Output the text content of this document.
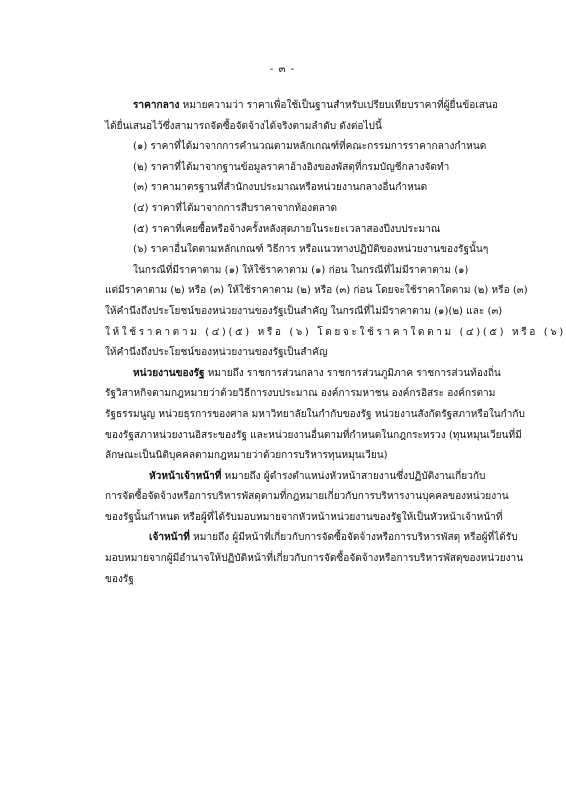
- ๓ -
ราคากลาง หมายความว่า ราคาเพื่อใช้เป็นฐานสำหรับเปรียบเทียบราคาที่ผู้ยื่นข้อเสนอ
ได้ยื่นเสนอไว้ซึ่งสามารถจัดซื้อจัดจ้างได้จริงตามลำดับ ดังต่อไปนี้
(๑) ราคาที่ได้มาจากการคำนวณตามหลักเกณฑ์ที่คณะกรรมการราคากลางกำหนด
(๒) ราคาที่ได้มาจากฐานข้อมูลราคาอ้างอิงของพัสดุที่กรมบัญชีกลางจัดทำ
(๓) ราคามาตรฐานที่สำนักงบประมาณหรือหน่วยงานกลางอื่นกำหนด
(๔) ราคาที่ได้มาจากการสืบราคาจากท้องตลาด
(๕) ราคาที่เคยซื้อหรือจ้างครั้งหลังสุดภายในระยะเวลาสองปีงบประมาณ
(๖) ราคาอื่นใดตามหลักเกณฑ์ วิธีการ หรือแนวทางปฏิบัติของหน่วยงานของรัฐนั้นๆ
ในกรณีที่มีราคาตาม (๑) ให้ใช้ราคาตาม (๑) ก่อน ในกรณีที่ไม่มีราคาตาม (๑)
แต่มีราคาตาม (๒) หรือ (๓) ให้ใช้ราคาตาม (๒) หรือ (๓) ก่อน โดยจะใช้ราคาใดตาม (๒) หรือ (๓)
ให้คำนึงถึงประโยชน์ของหน่วยงานของรัฐเป็นสำคัญ ในกรณีที่ไม่มีราคาตาม (๑)(๒) และ (๓)
ให้ใช้ราคาตาม (๔)(๕) หรือ (๖) โดยจะใช้ราคาใดตาม (๔)(๕) หรือ (๖)
ให้คำนึงถึงประโยชน์ของหน่วยงานของรัฐเป็นสำคัญ
หน่วยงานของรัฐ หมายถึง ราชการส่วนกลาง ราชการส่วนภูมิภาค ราชการส่วนท้องถิ่น
รัฐวิสาหกิจตามกฎหมายว่าด้วยวิธีการงบประมาณ องค์การมหาชน องค์กรอิสระ องค์กรตาม
รัฐธรรมนูญ หน่วยธุรการของศาล มหาวิทยาลัยในกำกับของรัฐ หน่วยงานสังกัดรัฐสภาหรือในกำกับ
ของรัฐสภาหน่วยงานอิสระของรัฐ และหน่วยงานอื่นตามที่กำหนดในกฎกระทรวง (ทุนหมุนเวียนที่มี
ลักษณะเป็นนิติบุคคลตามกฎหมายว่าด้วยการบริหารทุนหมุนเวียน)
หัวหน้าเจ้าหน้าที่ หมายถึง ผู้ดำรงตำแหน่งหัวหน้าสายงานซึ่งปฏิบัติงานเกี่ยวกับ
การจัดซื้อจัดจ้างหรือการบริหารพัสดุตามที่กฎหมายเกี่ยวกับการบริหารงานบุคคลของหน่วยงาน
ของรัฐนั้นกำหนด หรือผู้ที่ได้รับมอบหมายจากหัวหน้าหน่วยงานของรัฐให้เป็นหัวหน้าเจ้าหน้าที่
เจ้าหน้าที่ หมายถึง ผู้มีหน้าที่เกี่ยวกับการจัดซื้อจัดจ้างหรือการบริหารพัสดุ หรือผู้ที่ได้รับ
มอบหมายจากผู้มีอำนาจให้ปฏิบัติหน้าที่เกี่ยวกับการจัดซื้อจัดจ้างหรือการบริหารพัสดุของหน่วยงาน
ของรัฐ
